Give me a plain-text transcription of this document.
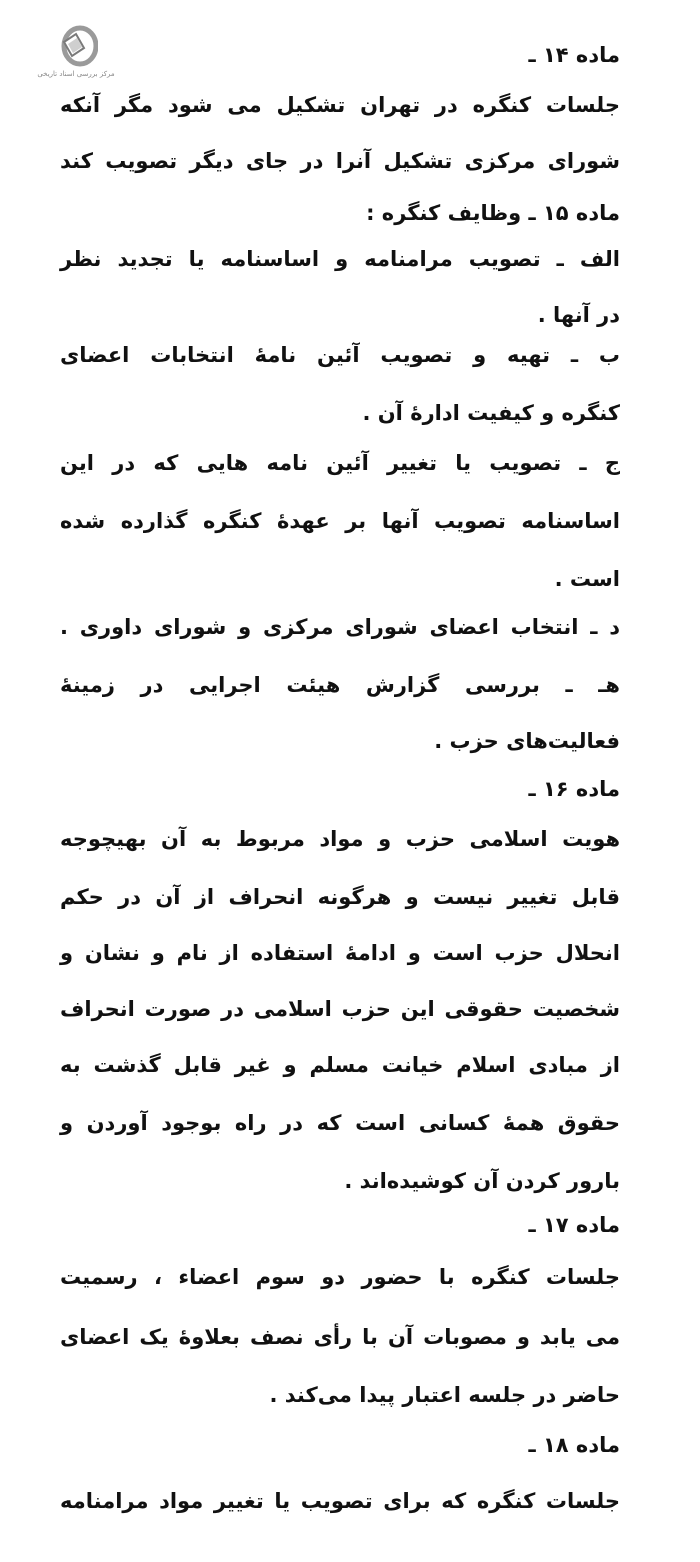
مرکز بررسی اسناد تاریخی
ماده ۱۴ ـ
جلسات کنگره در تهران تشکیل می شود مگر آنکه
شورای مرکزی تشکیل آنرا در جای دیگر تصویب کند
ماده ۱۵ ـ وظایف کنگره :
الف ـ تصویب مرامنامه و اساسنامه یا تجدید نظر
در آنها .
ب ـ تهیه و تصویب آئین نامهٔ انتخابات اعضای
کنگره و کیفیت ادارهٔ آن .
ج ـ تصویب یا تغییر آئین نامه هایی که در این
اساسنامه تصویب آنها بر عهدهٔ کنگره گذارده شده
است .
د ـ انتخاب اعضای شورای مرکزی و شورای داوری .
هـ ـ بررسی گزارش هیئت اجرایی در زمینهٔ
فعالیت‌های حزب .
ماده ۱۶ ـ
هویت اسلامی حزب و مواد مربوط به آن بهیچوجه
قابل تغییر نیست و هرگونه انحراف از آن در حکم
انحلال حزب است و ادامهٔ استفاده از نام و نشان و
شخصیت حقوقی این حزب اسلامی در صورت انحراف
از مبادی اسلام خیانت مسلم و غیر قابل گذشت به
حقوق همهٔ کسانی است که در راه بوجود آوردن و
بارور کردن آن کوشیده‌اند .
ماده ۱۷ ـ
جلسات کنگره با حضور دو سوم اعضاء ، رسمیت
می یابد و مصوبات آن با رأی نصف بعلاوهٔ یک اعضای
حاضر در جلسه اعتبار پیدا می‌کند .
ماده ۱۸ ـ
جلسات کنگره که برای تصویب یا تغییر مواد مرامنامه
